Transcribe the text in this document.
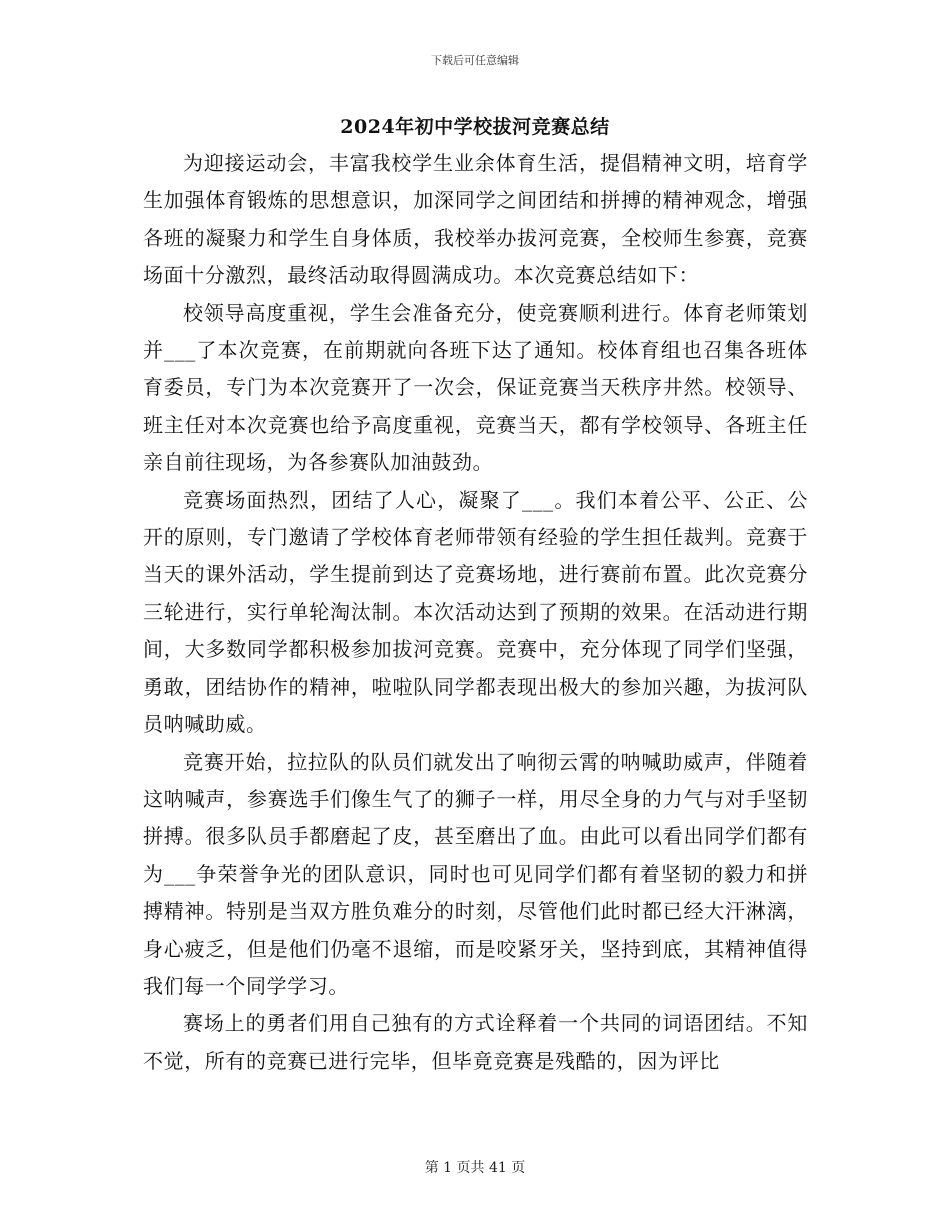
下载后可任意编辑
2024年初中学校拔河竞赛总结

为迎接运动会，丰富我校学生业余体育生活，提倡精神文明，培育学生加强体育锻炼的思想意识，加深同学之间团结和拼搏的精神观念，增强各班的凝聚力和学生自身体质，我校举办拔河竞赛，全校师生参赛，竞赛场面十分激烈，最终活动取得圆满成功。本次竞赛总结如下：

校领导高度重视，学生会准备充分，使竞赛顺利进行。体育老师策划并___了本次竞赛，在前期就向各班下达了通知。校体育组也召集各班体育委员，专门为本次竞赛开了一次会，保证竞赛当天秩序井然。校领导、班主任对本次竞赛也给予高度重视，竞赛当天，都有学校领导、各班主任亲自前往现场，为各参赛队加油鼓劲。

竞赛场面热烈，团结了人心，凝聚了___。我们本着公平、公正、公开的原则，专门邀请了学校体育老师带领有经验的学生担任裁判。竞赛于当天的课外活动，学生提前到达了竞赛场地，进行赛前布置。此次竞赛分三轮进行，实行单轮淘汰制。本次活动达到了预期的效果。在活动进行期间，大多数同学都积极参加拔河竞赛。竞赛中，充分体现了同学们坚强，勇敢，团结协作的精神，啦啦队同学都表现出极大的参加兴趣，为拔河队员呐喊助威。

竞赛开始，拉拉队的队员们就发出了响彻云霄的呐喊助威声，伴随着这呐喊声，参赛选手们像生气了的狮子一样，用尽全身的力气与对手坚韧拼搏。很多队员手都磨起了皮，甚至磨出了血。由此可以看出同学们都有为___争荣誉争光的团队意识，同时也可见同学们都有着坚韧的毅力和拼搏精神。特别是当双方胜负难分的时刻，尽管他们此时都已经大汗淋漓，身心疲乏，但是他们仍毫不退缩，而是咬紧牙关，坚持到底，其精神值得我们每一个同学学习。

赛场上的勇者们用自己独有的方式诠释着一个共同的词语团结。不知不觉，所有的竞赛已进行完毕，但毕竟竞赛是残酷的，因为评比

第 1 页共 41 页
